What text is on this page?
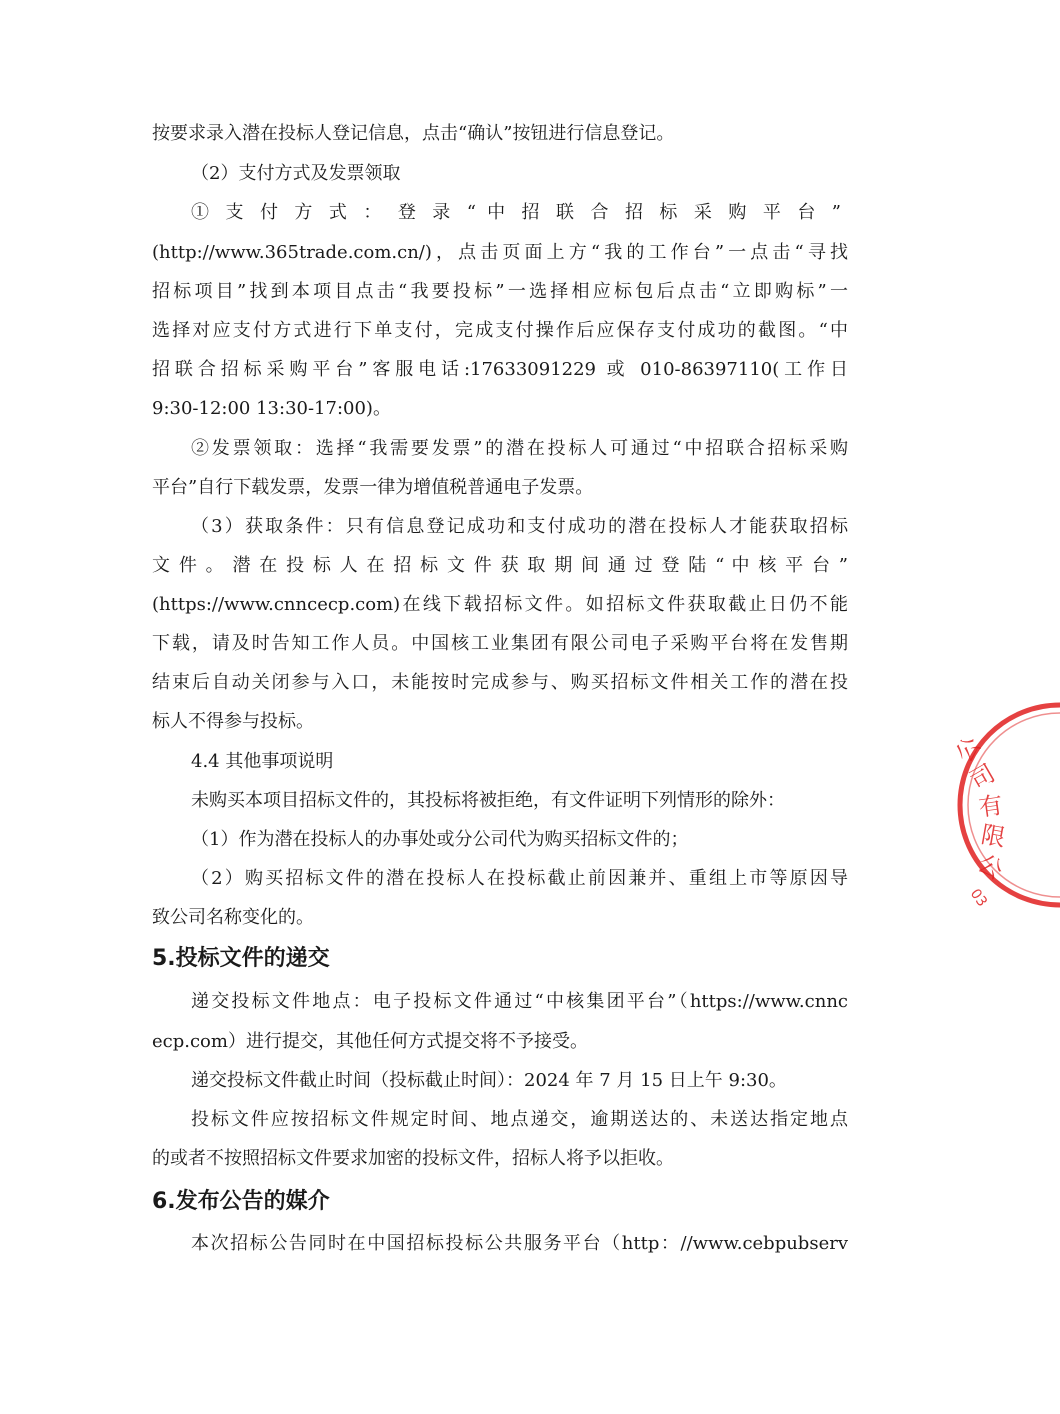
按要求录入潜在投标人登记信息，点击“确认”按钮进行信息登记。
（2）支付方式及发票领取
① 支 付 方 式 ： 登 录 “ 中 招 联 合 招 标 采 购 平 台 ”
(http://www.365trade.com.cn/)，点击页面上方“我的工作台”一点击“寻找
招标项目”找到本项目点击“我要投标”一选择相应标包后点击“立即购标”一
选择对应支付方式进行下单支付，完成支付操作后应保存支付成功的截图。“中
招联合招标采购平台”客服电话:17633091229 或 010-86397110(工作日
9:30-12:00 13:30-17:00)。
②发票领取：选择“我需要发票”的潜在投标人可通过“中招联合招标采购
平台”自行下载发票，发票一律为增值税普通电子发票。
（3）获取条件：只有信息登记成功和支付成功的潜在投标人才能获取招标
文 件 。 潜 在 投 标 人 在 招 标 文 件 获 取 期 间 通 过 登 陆 “ 中 核 平 台 ”
(https://www.cnncecp.com)在线下载招标文件。如招标文件获取截止日仍不能
下载，请及时告知工作人员。中国核工业集团有限公司电子采购平台将在发售期
结束后自动关闭参与入口，未能按时完成参与、购买招标文件相关工作的潜在投
标人不得参与投标。
4.4 其他事项说明
未购买本项目招标文件的，其投标将被拒绝，有文件证明下列情形的除外：
（1）作为潜在投标人的办事处或分公司代为购买招标文件的；
（2）购买招标文件的潜在投标人在投标截止前因兼并、重组上市等原因导
致公司名称变化的。
5.投标文件的递交
递交投标文件地点：电子投标文件通过“中核集团平台”（https://www.cnnc
ecp.com）进行提交，其他任何方式提交将不予接受。
递交投标文件截止时间（投标截止时间）：2024 年 7 月 15 日上午 9:30。
投标文件应按招标文件规定时间、地点递交，逾期送达的、未送达指定地点
的或者不按照招标文件要求加密的投标文件，招标人将予以拒收。
6.发布公告的媒介
本次招标公告同时在中国招标投标公共服务平台（http：//www.cebpubserv
公
司
有
限
公
03
